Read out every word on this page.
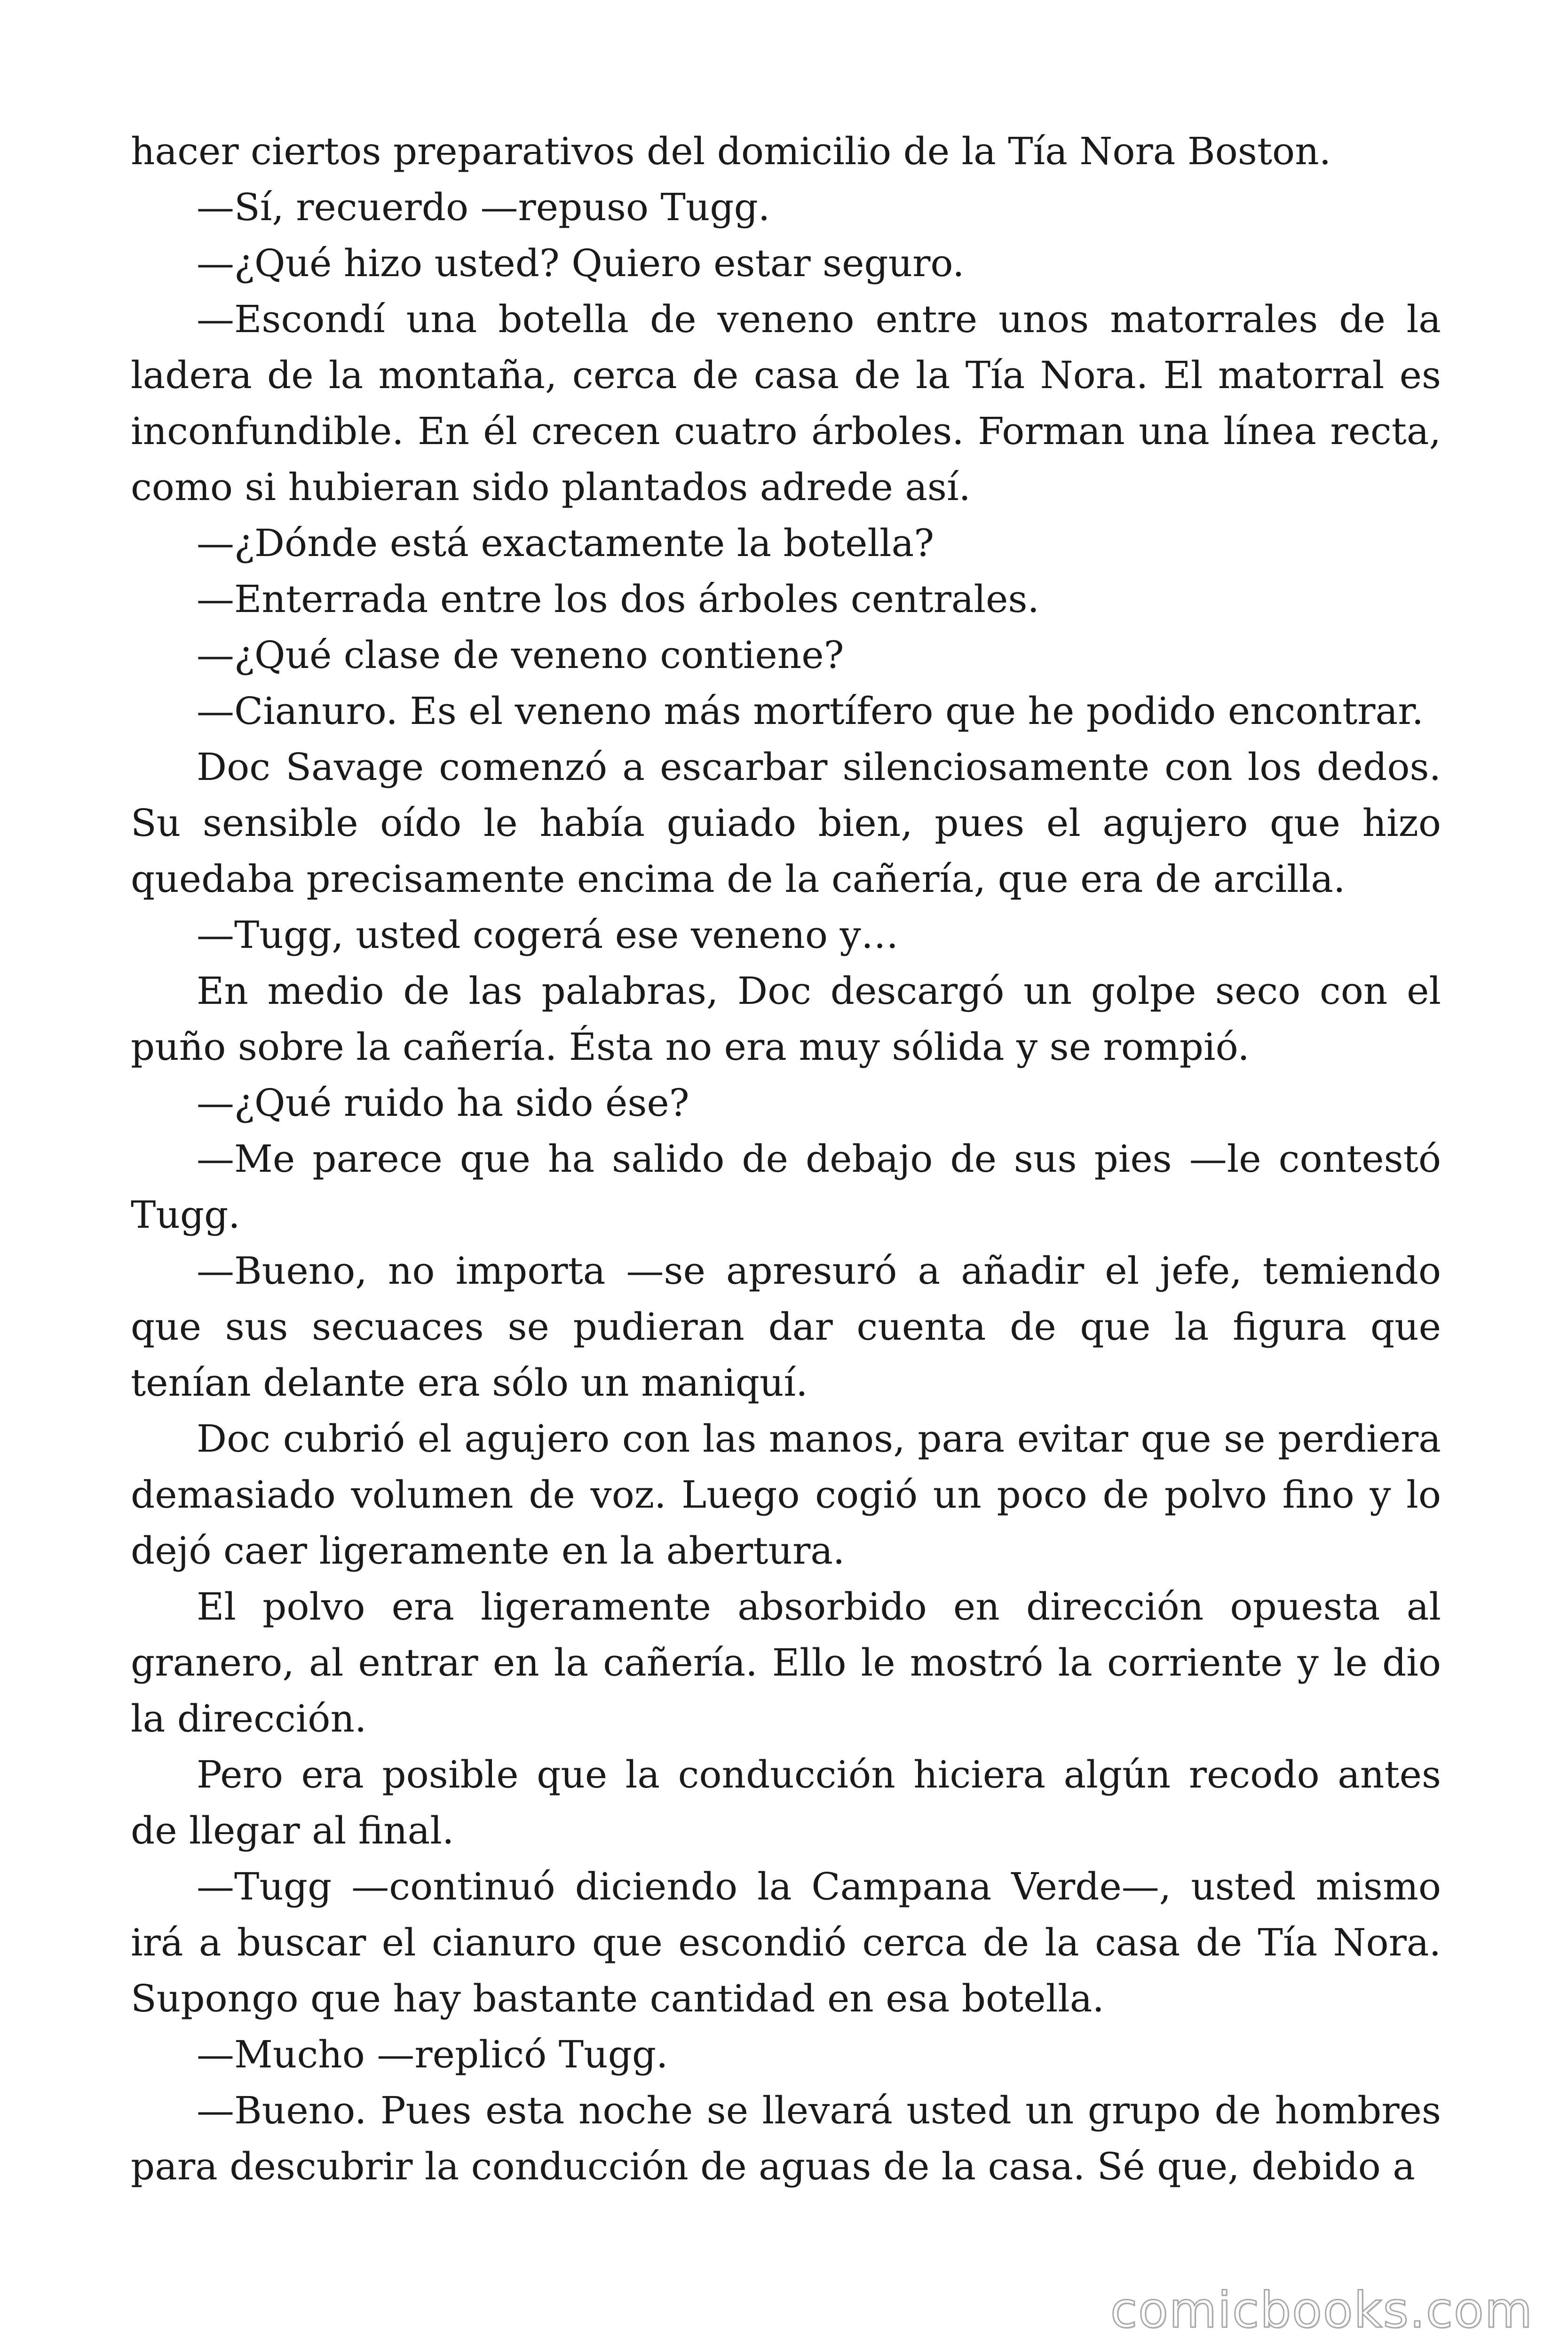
hacer ciertos preparativos del domicilio de la Tía Nora Boston.

—Sí, recuerdo —repuso Tugg.

—¿Qué hizo usted? Quiero estar seguro.

—Escondí una botella de veneno entre unos matorrales de la ladera de la montaña, cerca de casa de la Tía Nora. El matorral es inconfundible. En él crecen cuatro árboles. Forman una línea recta, como si hubieran sido plantados adrede así.

—¿Dónde está exactamente la botella?

—Enterrada entre los dos árboles centrales.

—¿Qué clase de veneno contiene?

—Cianuro. Es el veneno más mortífero que he podido encontrar.

Doc Savage comenzó a escarbar silenciosamente con los dedos. Su sensible oído le había guiado bien, pues el agujero que hizo quedaba precisamente encima de la cañería, que era de arcilla.

—Tugg, usted cogerá ese veneno y…

En medio de las palabras, Doc descargó un golpe seco con el puño sobre la cañería. Ésta no era muy sólida y se rompió.

—¿Qué ruido ha sido ése?

—Me parece que ha salido de debajo de sus pies —le contestó Tugg.

—Bueno, no importa —se apresuró a añadir el jefe, temiendo que sus secuaces se pudieran dar cuenta de que la figura que tenían delante era sólo un maniquí.

Doc cubrió el agujero con las manos, para evitar que se perdiera demasiado volumen de voz. Luego cogió un poco de polvo fino y lo dejó caer ligeramente en la abertura.

El polvo era ligeramente absorbido en dirección opuesta al granero, al entrar en la cañería. Ello le mostró la corriente y le dio la dirección.

Pero era posible que la conducción hiciera algún recodo antes de llegar al final.

—Tugg —continuó diciendo la Campana Verde—, usted mismo irá a buscar el cianuro que escondió cerca de la casa de Tía Nora. Supongo que hay bastante cantidad en esa botella.

—Mucho —replicó Tugg.

—Bueno. Pues esta noche se llevará usted un grupo de hombres para descubrir la conducción de aguas de la casa. Sé que, debido a

comicbooks.com
